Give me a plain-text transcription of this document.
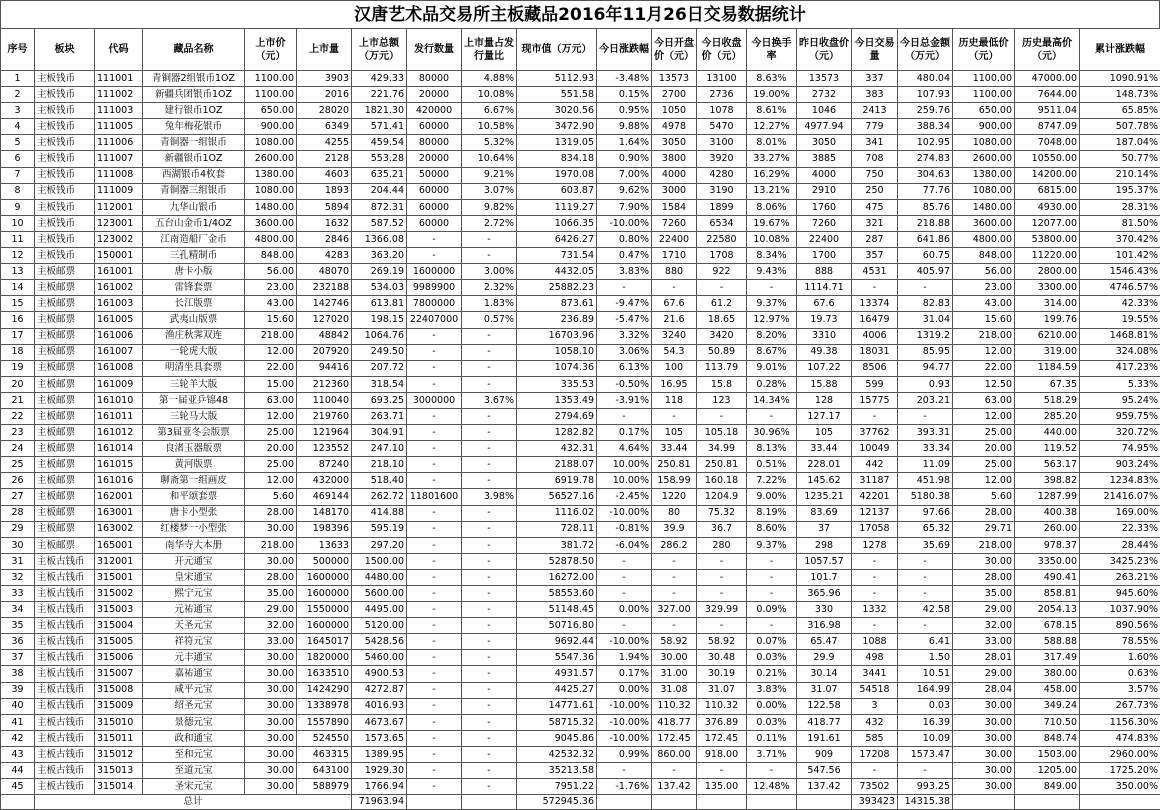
汉唐艺术品交易所主板藏品2016年11月26日交易数据统计
序号	板块	代码	藏品名称	上市价（元）	上市量	上市总额（万元）	发行数量	上市量占发行量比	现市值（万元）	今日涨跌幅	今日开盘价（元）	今日收盘价（元）	今日换手率	昨日收盘价（元）	今日交易量	今日总金额（万元）	历史最低价（元）	历史最高价（元）	累计涨跌幅
1	主板钱币	111001	青铜器2组银币1OZ	1100.00	3903	429.33	80000	4.88%	5112.93	-3.48%	13573	13100	8.63%	13573	337	480.04	1100.00	47000.00	1090.91%
2	主板钱币	111002	新疆兵团银币1OZ	1100.00	2016	221.76	20000	10.08%	551.58	0.15%	2700	2736	19.00%	2732	383	107.93	1100.00	7644.00	148.73%
3	主板钱币	111003	建行银币1OZ	650.00	28020	1821.30	420000	6.67%	3020.56	0.95%	1050	1078	8.61%	1046	2413	259.76	650.00	9511.04	65.85%
4	主板钱币	111005	兔年梅花银币	900.00	6349	571.41	60000	10.58%	3472.90	9.88%	4978	5470	12.27%	4977.94	779	388.34	900.00	8747.09	507.78%
5	主板钱币	111006	青铜器一组银币	1080.00	4255	459.54	80000	5.32%	1319.05	1.64%	3050	3100	8.01%	3050	341	102.95	1080.00	7048.00	187.04%
6	主板钱币	111007	新疆银币1OZ	2600.00	2128	553.28	20000	10.64%	834.18	0.90%	3800	3920	33.27%	3885	708	274.83	2600.00	10550.00	50.77%
7	主板钱币	111008	西湖银币4枚套	1380.00	4603	635.21	50000	9.21%	1970.08	7.00%	4000	4280	16.29%	4000	750	304.63	1380.00	14200.00	210.14%
8	主板钱币	111009	青铜器三组银币	1080.00	1893	204.44	60000	3.07%	603.87	9.62%	3000	3190	13.21%	2910	250	77.76	1080.00	6815.00	195.37%
9	主板钱币	112001	九华山银币	1480.00	5894	872.31	60000	9.82%	1119.27	7.90%	1584	1899	8.06%	1760	475	85.76	1480.00	4930.00	28.31%
10	主板钱币	123001	五台山金币1/4OZ	3600.00	1632	587.52	60000	2.72%	1066.35	-10.00%	7260	6534	19.67%	7260	321	218.88	3600.00	12077.00	81.50%
11	主板钱币	123002	江南造船厂金币	4800.00	2846	1366.08	-	-	6426.27	0.80%	22400	22580	10.08%	22400	287	641.86	4800.00	53800.00	370.42%
12	主板钱币	150001	三孔精制币	848.00	4283	363.20	-	-	731.54	0.47%	1710	1708	8.34%	1700	357	60.75	848.00	11220.00	101.42%
13	主板邮票	161001	唐卡小版	56.00	48070	269.19	1600000	3.00%	4432.05	3.83%	880	922	9.43%	888	4531	405.97	56.00	2800.00	1546.43%
14	主板邮票	161002	雷锋套票	23.00	232188	534.03	9989900	2.32%	25882.23	-	-	-	-	1114.71	-	-	23.00	3300.00	4746.57%
15	主板邮票	161003	长江版票	43.00	142746	613.81	7800000	1.83%	873.61	-9.47%	67.6	61.2	9.37%	67.6	13374	82.83	43.00	314.00	42.33%
16	主板邮票	161005	武夷山版票	15.60	127020	198.15	22407000	0.57%	236.89	-5.47%	21.6	18.65	12.97%	19.73	16479	31.04	15.60	199.76	19.55%
17	主板邮票	161006	渔庄秋霁双连	218.00	48842	1064.76	-	-	16703.96	3.32%	3240	3420	8.20%	3310	4006	1319.2	218.00	6210.00	1468.81%
18	主板邮票	161007	一轮虎大版	12.00	207920	249.50	-	-	1058.10	3.06%	54.3	50.89	8.67%	49.38	18031	85.95	12.00	319.00	324.08%
19	主板邮票	161008	明清坐具套票	22.00	94416	207.72	-	-	1074.36	6.13%	100	113.79	9.01%	107.22	8506	94.77	22.00	1184.59	417.23%
20	主板邮票	161009	三轮羊大版	15.00	212360	318.54	-	-	335.53	-0.50%	16.95	15.8	0.28%	15.88	599	0.93	12.50	67.35	5.33%
21	主板邮票	161010	第一届亚乒锦48	63.00	110040	693.25	3000000	3.67%	1353.49	-3.91%	118	123	14.34%	128	15775	203.21	63.00	518.29	95.24%
22	主板邮票	161011	三轮马大版	12.00	219760	263.71	-	-	2794.69	-	-	-	-	127.17	-	-	12.00	285.20	959.75%
23	主板邮票	161012	第3届亚冬会版票	25.00	121964	304.91	-	-	1282.82	0.17%	105	105.18	30.96%	105	37762	393.31	25.00	440.00	320.72%
24	主板邮票	161014	良渚玉器版票	20.00	123552	247.10	-	-	432.31	4.64%	33.44	34.99	8.13%	33.44	10049	33.34	20.00	119.52	74.95%
25	主板邮票	161015	黄河版票	25.00	87240	218.10	-	-	2188.07	10.00%	250.81	250.81	0.51%	228.01	442	11.09	25.00	563.17	903.24%
26	主板邮票	161016	聊斋第一组画皮	12.00	432000	518.40	-	-	6919.78	10.00%	158.99	160.18	7.22%	145.62	31187	451.98	12.00	398.82	1234.83%
27	主板邮票	162001	和平颂套票	5.60	469144	262.72	11801600	3.98%	56527.16	-2.45%	1220	1204.9	9.00%	1235.21	42201	5180.38	5.60	1287.99	21416.07%
28	主板邮票	163001	唐卡小型张	28.00	148170	414.88	-	-	1116.02	-10.00%	80	75.32	8.19%	83.69	12137	97.66	28.00	400.38	169.00%
29	主板邮票	163002	红楼梦一小型张	30.00	198396	595.19	-	-	728.11	-0.81%	39.9	36.7	8.60%	37	17058	65.32	29.71	260.00	22.33%
30	主板邮票	165001	南华寺大本册	218.00	13633	297.20	-	-	381.72	-6.04%	286.2	280	9.37%	298	1278	35.69	218.00	978.37	28.44%
31	主板古钱币	312001	开元通宝	30.00	500000	1500.00	-	-	52878.50	-	-	-	-	1057.57	-	-	30.00	3350.00	3425.23%
32	主板古钱币	315001	皇宋通宝	28.00	1600000	4480.00	-	-	16272.00	-	-	-	-	101.7	-	-	28.00	490.41	263.21%
33	主板古钱币	315002	熙宁元宝	35.00	1600000	5600.00	-	-	58553.60	-	-	-	-	365.96	-	-	35.00	858.81	945.60%
34	主板古钱币	315003	元祐通宝	29.00	1550000	4495.00	-	-	51148.45	0.00%	327.00	329.99	0.09%	330	1332	42.58	29.00	2054.13	1037.90%
35	主板古钱币	315004	天圣元宝	32.00	1600000	5120.00	-	-	50716.80	-	-	-	-	316.98	-	-	32.00	678.15	890.56%
36	主板古钱币	315005	祥符元宝	33.00	1645017	5428.56	-	-	9692.44	-10.00%	58.92	58.92	0.07%	65.47	1088	6.41	33.00	588.88	78.55%
37	主板古钱币	315006	元丰通宝	30.00	1820000	5460.00	-	-	5547.36	1.94%	30.00	30.48	0.03%	29.9	498	1.50	28.01	317.49	1.60%
38	主板古钱币	315007	嘉祐通宝	30.00	1633510	4900.53	-	-	4931.57	0.17%	31.00	30.19	0.21%	30.14	3441	10.51	29.00	380.00	0.63%
39	主板古钱币	315008	咸平元宝	30.00	1424290	4272.87	-	-	4425.27	0.00%	31.08	31.07	3.83%	31.07	54518	164.99	28.04	458.00	3.57%
40	主板古钱币	315009	绍圣元宝	30.00	1338978	4016.93	-	-	14771.61	-10.00%	110.32	110.32	0.00%	122.58	3	0.03	30.00	349.24	267.73%
41	主板古钱币	315010	景德元宝	30.00	1557890	4673.67	-	-	58715.32	-10.00%	418.77	376.89	0.03%	418.77	432	16.39	30.00	710.50	1156.30%
42	主板古钱币	315011	政和通宝	30.00	524550	1573.65	-	-	9045.86	-10.00%	172.45	172.45	0.11%	191.61	585	10.09	30.00	848.74	474.83%
43	主板古钱币	315012	至和元宝	30.00	463315	1389.95	-	-	42532.32	0.99%	860.00	918.00	3.71%	909	17208	1573.47	30.00	1503.00	2960.00%
44	主板古钱币	315013	至道元宝	30.00	643100	1929.30	-	-	35213.58	-	-	-	-	547.56	-	-	30.00	1205.00	1725.20%
45	主板古钱币	315014	圣宋元宝	30.00	588979	1766.94	-	-	7951.22	-1.76%	137.42	135.00	12.48%	137.42	73502	993.25	30.00	849.00	350.00%
	总计					71963.94			572945.36						393423	14315.38			
